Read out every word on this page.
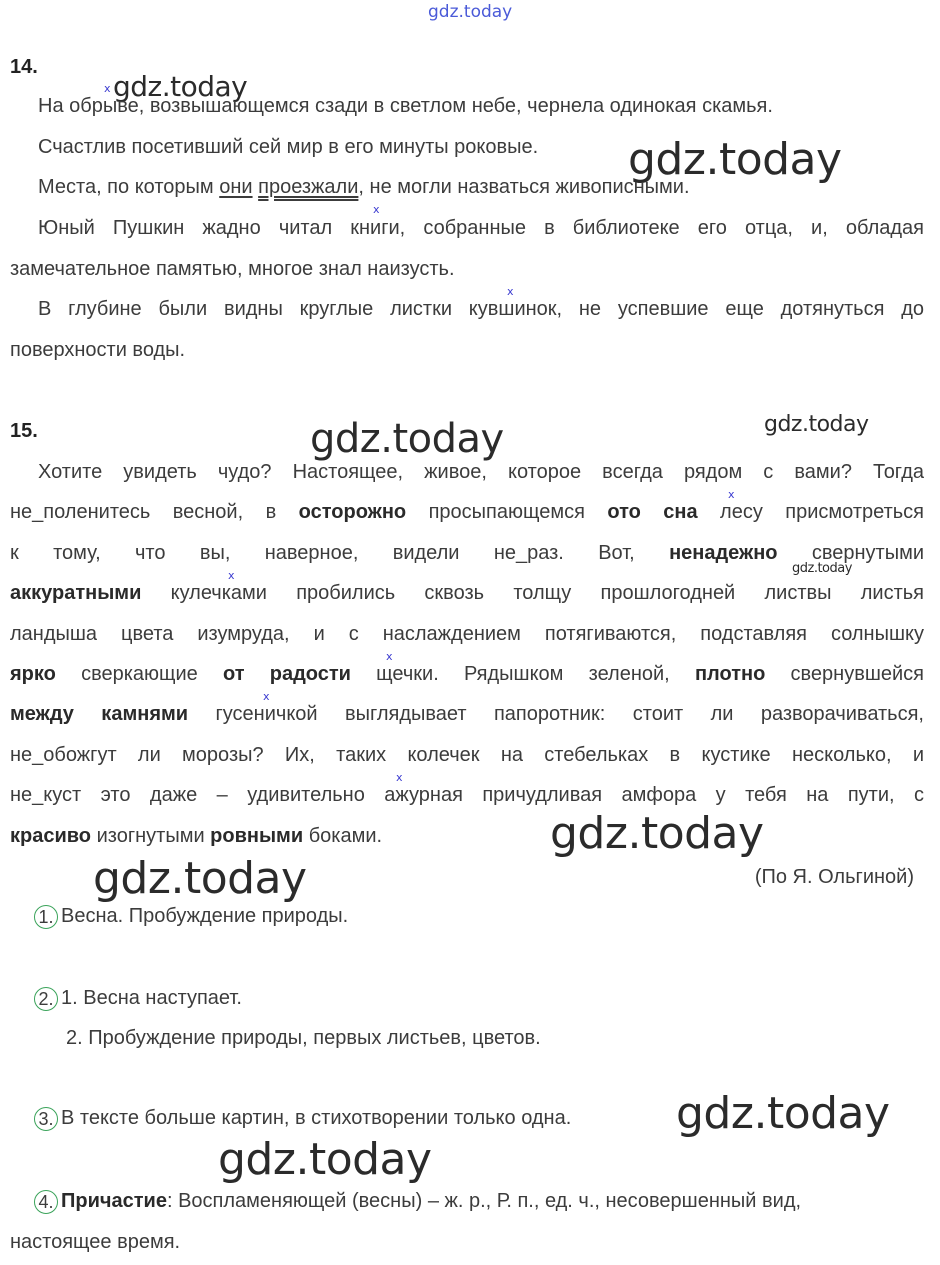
gdz.today
14.
x gdz.today
На обрыве, возвышающемся сзади в светлом небе, чернела одинокая скамья.
Счастлив посетивший сей мир в его минуты роковые. gdz.today
Места, по которым они проезжали, не могли назваться живописными.
x
Юный Пушкин жадно читал книги, собранные в библиотеке его отца, и, обладая
замечательное памятью, многое знал наизусть.
x
В глубине были видны круглые листки кувшинок, не успевшие еще дотянуться до
поверхности воды.
15.	gdz.today	gdz.today
Хотите увидеть чудо? Настоящее, живое, которое всегда рядом с вами? Тогда
x
не_поленитесь весной, в осторожно просыпающемся ото сна лесу присмотреться
к тому, что вы, наверное, видели не_раз. Вот, ненадежно свернутыми
gdz.today
x
аккуратными кулечками пробились сквозь толщу прошлогодней листвы листья
ландыша цвета изумруда, и с наслаждением потягиваются, подставляя солнышку
x
ярко сверкающие от радости щечки. Рядышком зеленой, плотно свернувшейся
x
между камнями гусеничкой выглядывает папоротник: стоит ли разворачиваться,
не_обожгут ли морозы? Их, таких колечек на стебельках в кустике несколько, и
x
не_куст это даже – удивительно ажурная причудливая амфора у тебя на пути, с
красиво изогнутыми ровными боками.	gdz.today
gdz.today	(По Я. Ольгиной)
1. Весна. Пробуждение природы.
2. 1. Весна наступает.
2. Пробуждение природы, первых листьев, цветов.
3. В тексте больше картин, в стихотворении только одна. gdz.today
gdz.today
4. Причастие: Воспламеняющей (весны) – ж. р., Р. п., ед. ч., несовершенный вид,
настоящее время.
